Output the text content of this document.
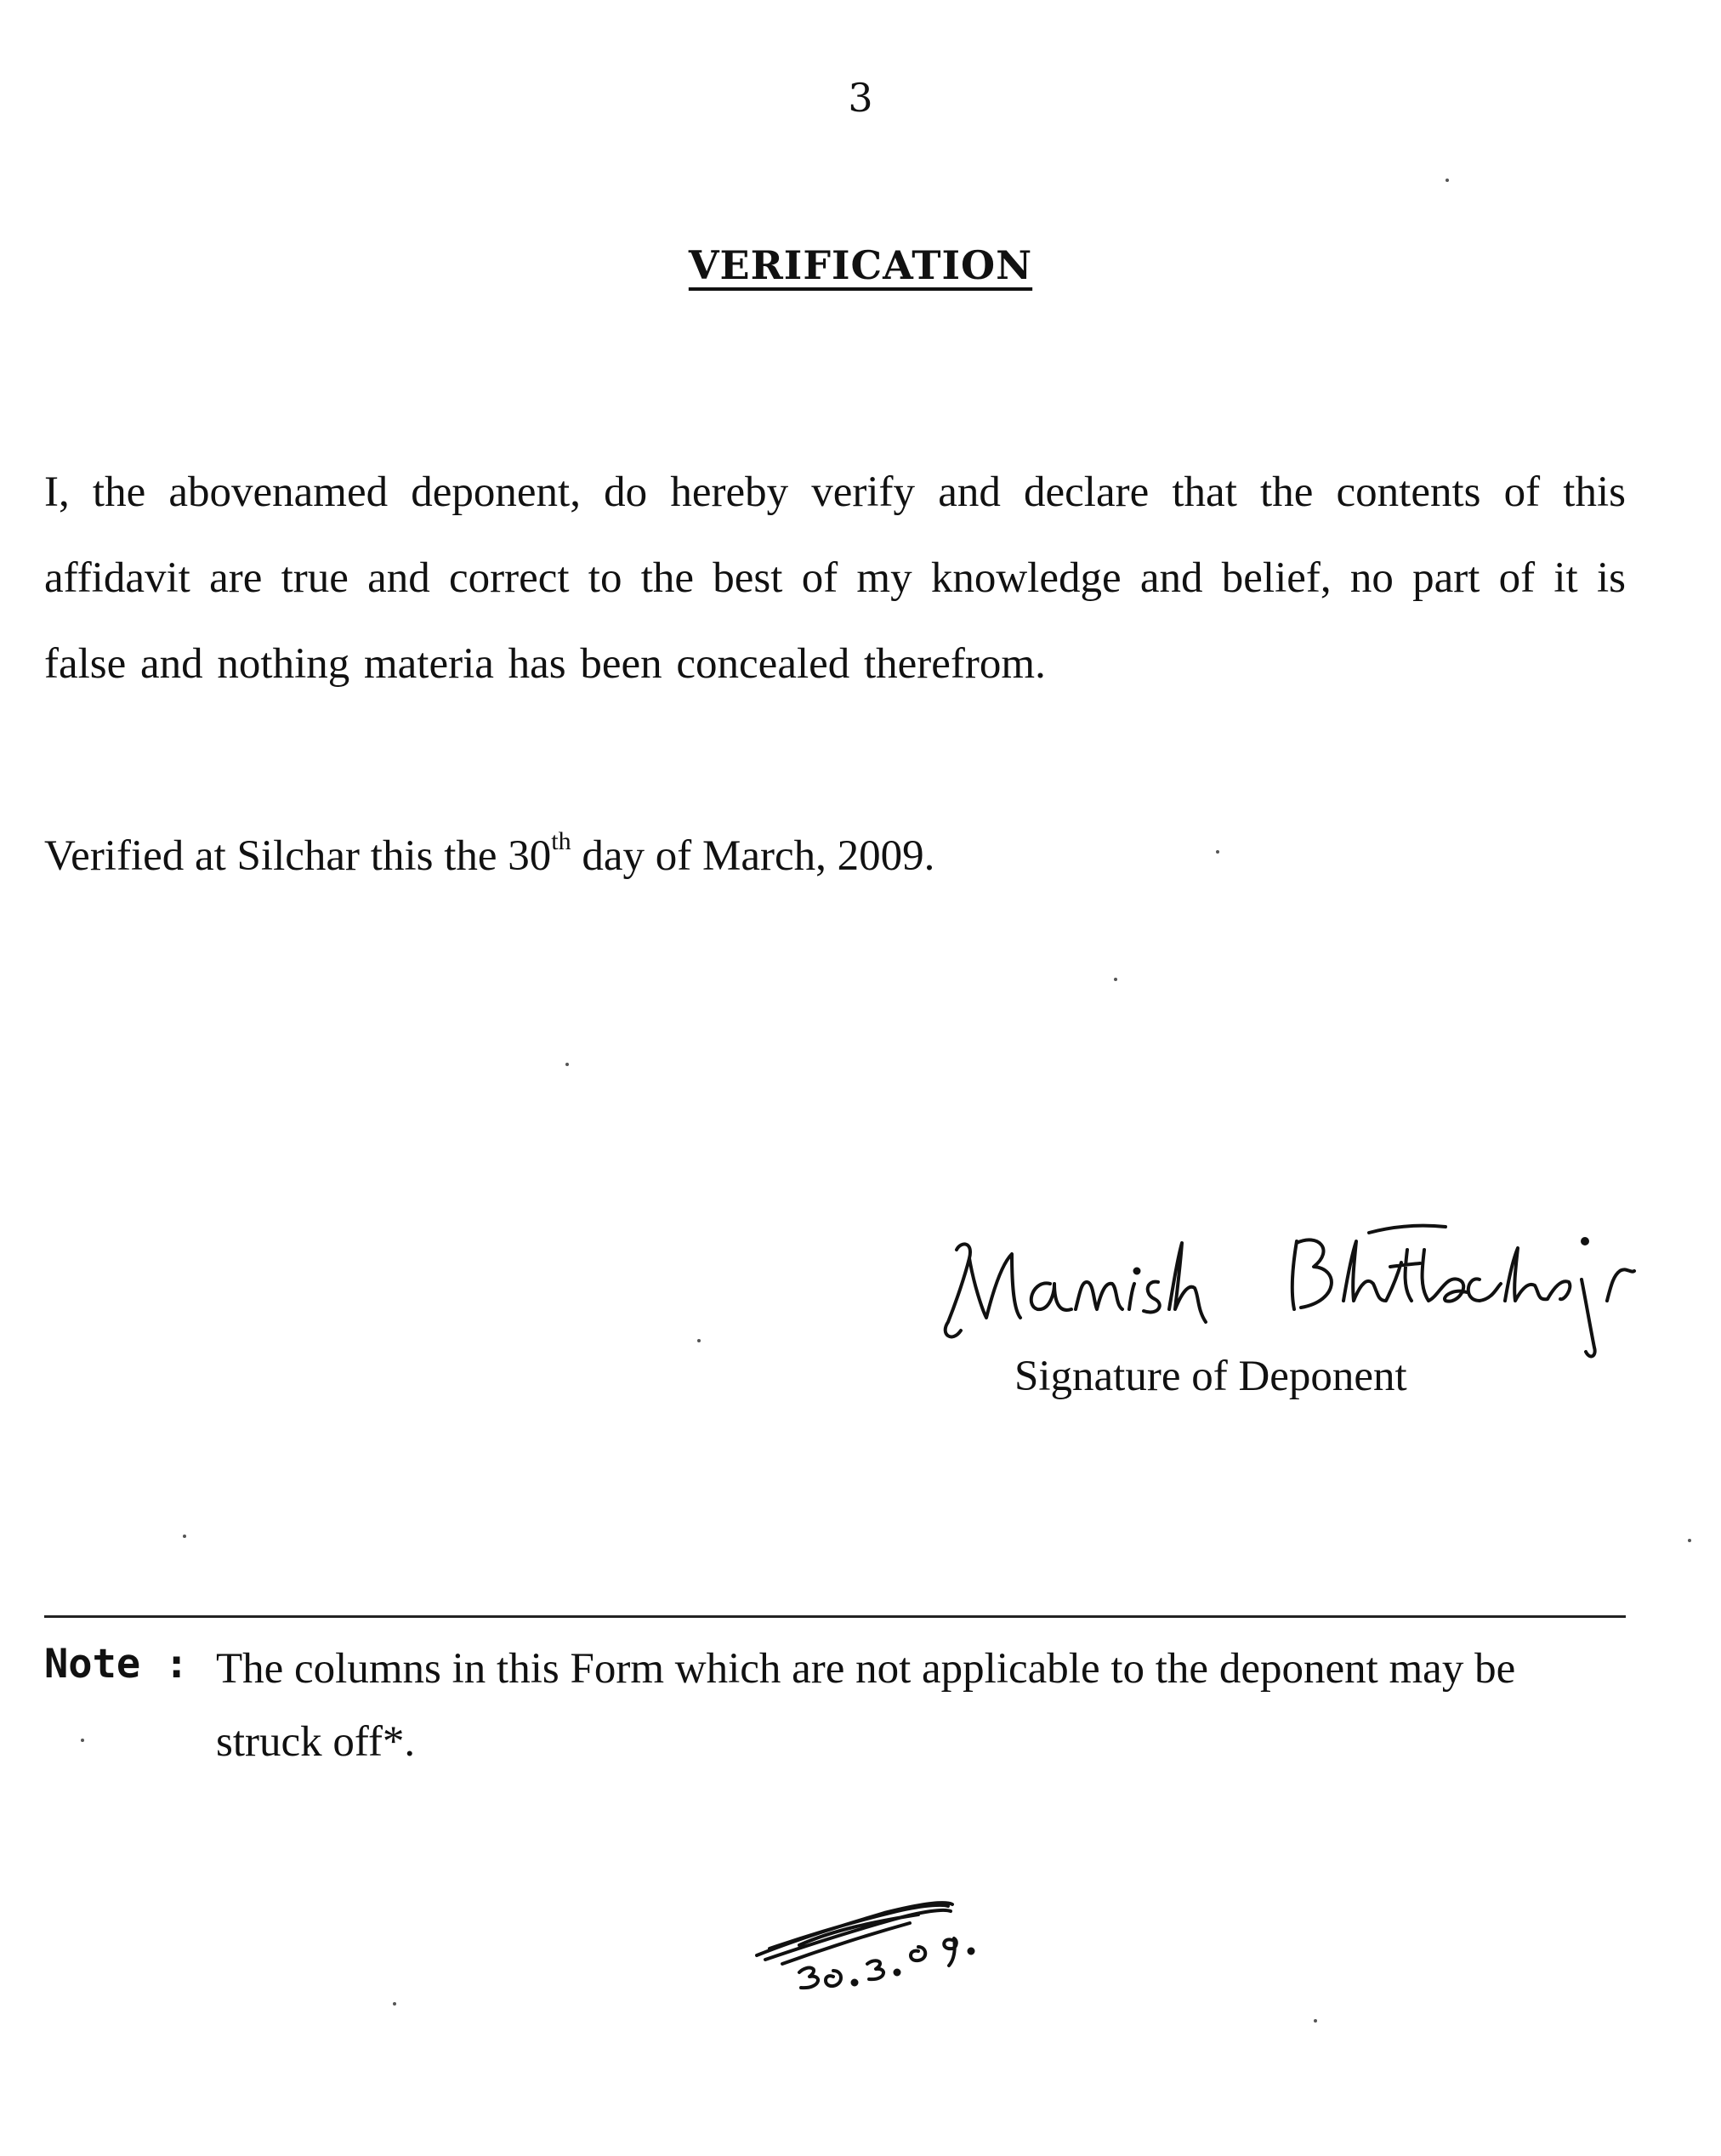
3
VERIFICATION

I, the abovenamed deponent, do hereby verify and declare that the contents of this affidavit are true and correct to the best of my knowledge and belief, no part of it is false and nothing materia has been concealed therefrom.

Verified at Silchar this the 30th day of March, 2009.
Signature of Deponent
Note : The columns in this Form which are not applicable to the deponent may be struck off*.
